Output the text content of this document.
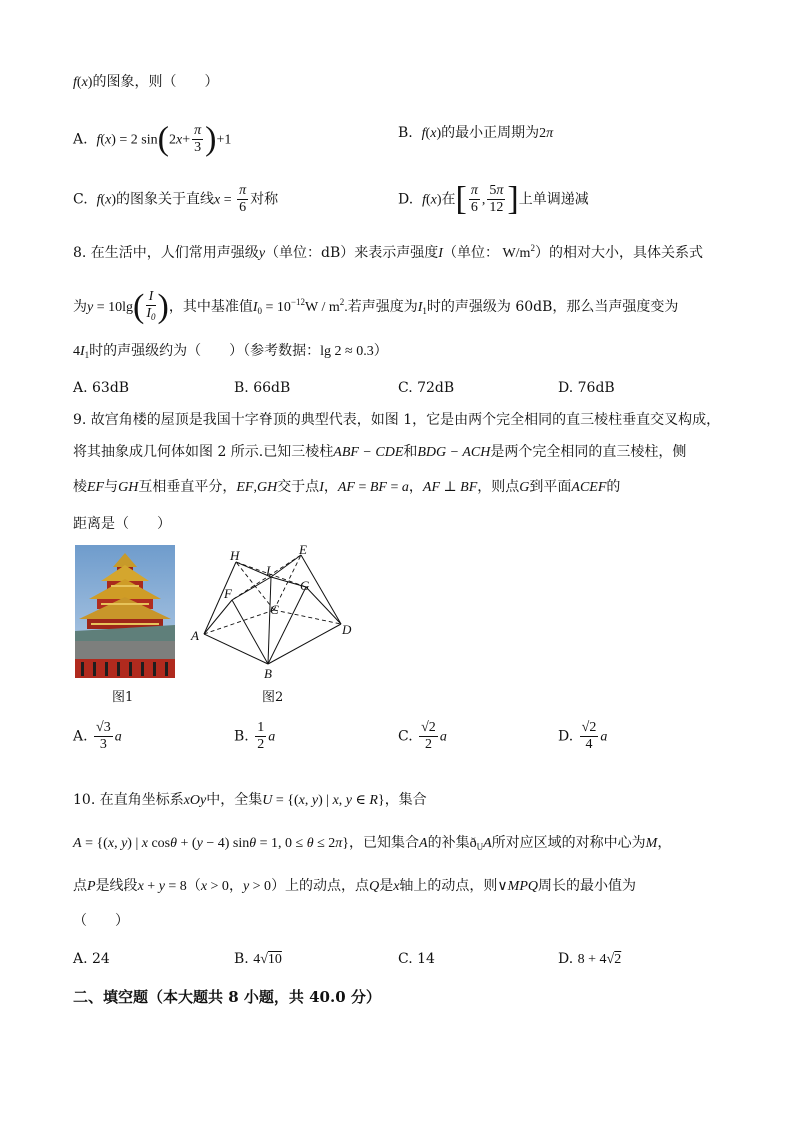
f(x)的图象，则（　　）
A. f(x) = 2 $\sin(2x+ \frac{\pi}{3} )+1$	B. f(x)的最小正周期为2π
C. f(x)的图象关于直线$x = \frac{\pi}{6}$ 对称	D. f(x)在[ $\frac{\pi}{6}$ , $\frac{5\pi}{12}$ ]上单调递减
8. 在生活中，人们常用声强级y（单位：dB）来表示声强度I（单位： $W/m^2$）的相对大小，具体关系式
为$y = 10\lg( \frac{I}{I_0}$ )，其中基准值$I_0 = 10^{-12}W / m^2$.若声强度为$I_1$时的声强级为 60dB，那么当声强度变为
$4I_1$时的声强级约为（　　）（参考数据：lg 2 ≈ 0.3）
A. 63dB	B. 66dB	C. 72dB	D. 76dB
9. 故宫角楼的屋顶是我国十字脊顶的典型代表，如图 1，它是由两个完全相同的直三棱柱垂直交叉构成，
将其抽象成几何体如图 2 所示.已知三棱柱ABF − CDE和BDG − ACH是两个完全相同的直三棱柱，侧
棱EF与GH互相垂直平分，EF,GH交于点I，AF = BF = a，AF ⊥ BF，则点G到平面ACEF的
距离是（　　）
图1
H	E
I
G
F
C
A	D
B
图2
A. $\frac{√3}{3}$ a	B. $\frac{1}{2}$ a	C. $\frac{√2}{2}$ a	D. $\frac{√2}{4}$ a
10. 在直角坐标系xOy中，全集U = {(x, y) | x, y ∈ R}，集合
A = {(x, y) | x cosθ + (y − 4) sinθ = 1, 0 ≤ θ ≤ 2π}，已知集合A的补集$ð_UA$所对应区域的对称中心为M，
点P是线段x + y = 8（x > 0，y > 0）上的动点，点Q是x轴上的动点，则∨MPQ周长的最小值为
（　　）
A. 24	B. 4√10	C. 14	D. 8 + 4√2
二、填空题（本大题共 8 小题，共 40.0 分）
